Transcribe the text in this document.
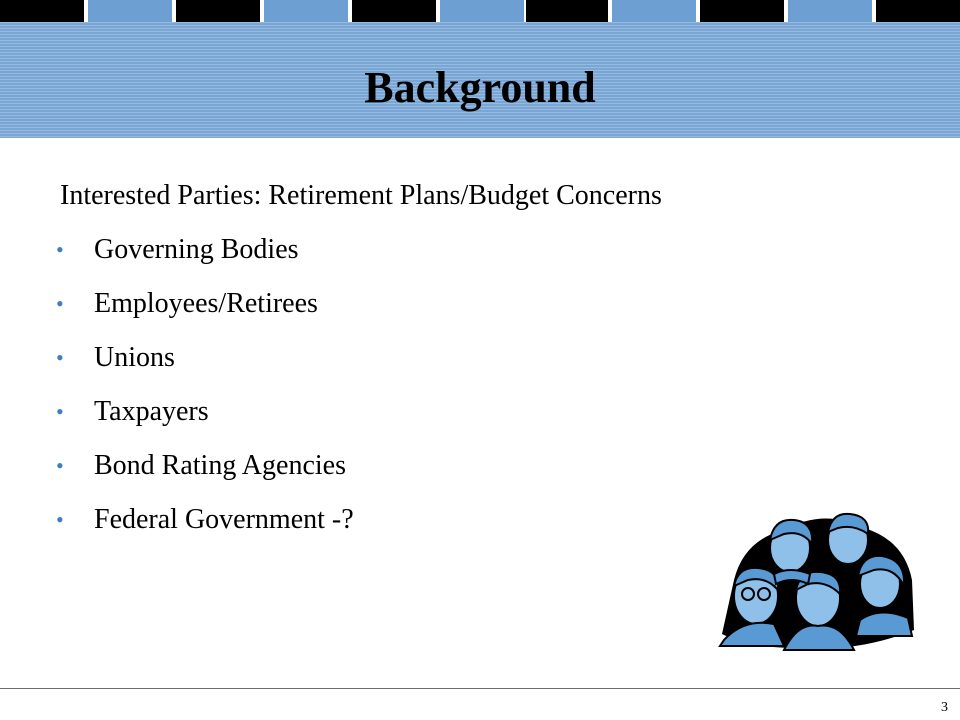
Background
Interested Parties: Retirement Plans/Budget Concerns
• Governing Bodies
• Employees/Retirees
• Unions
• Taxpayers
• Bond Rating Agencies
• Federal Government -?
3
